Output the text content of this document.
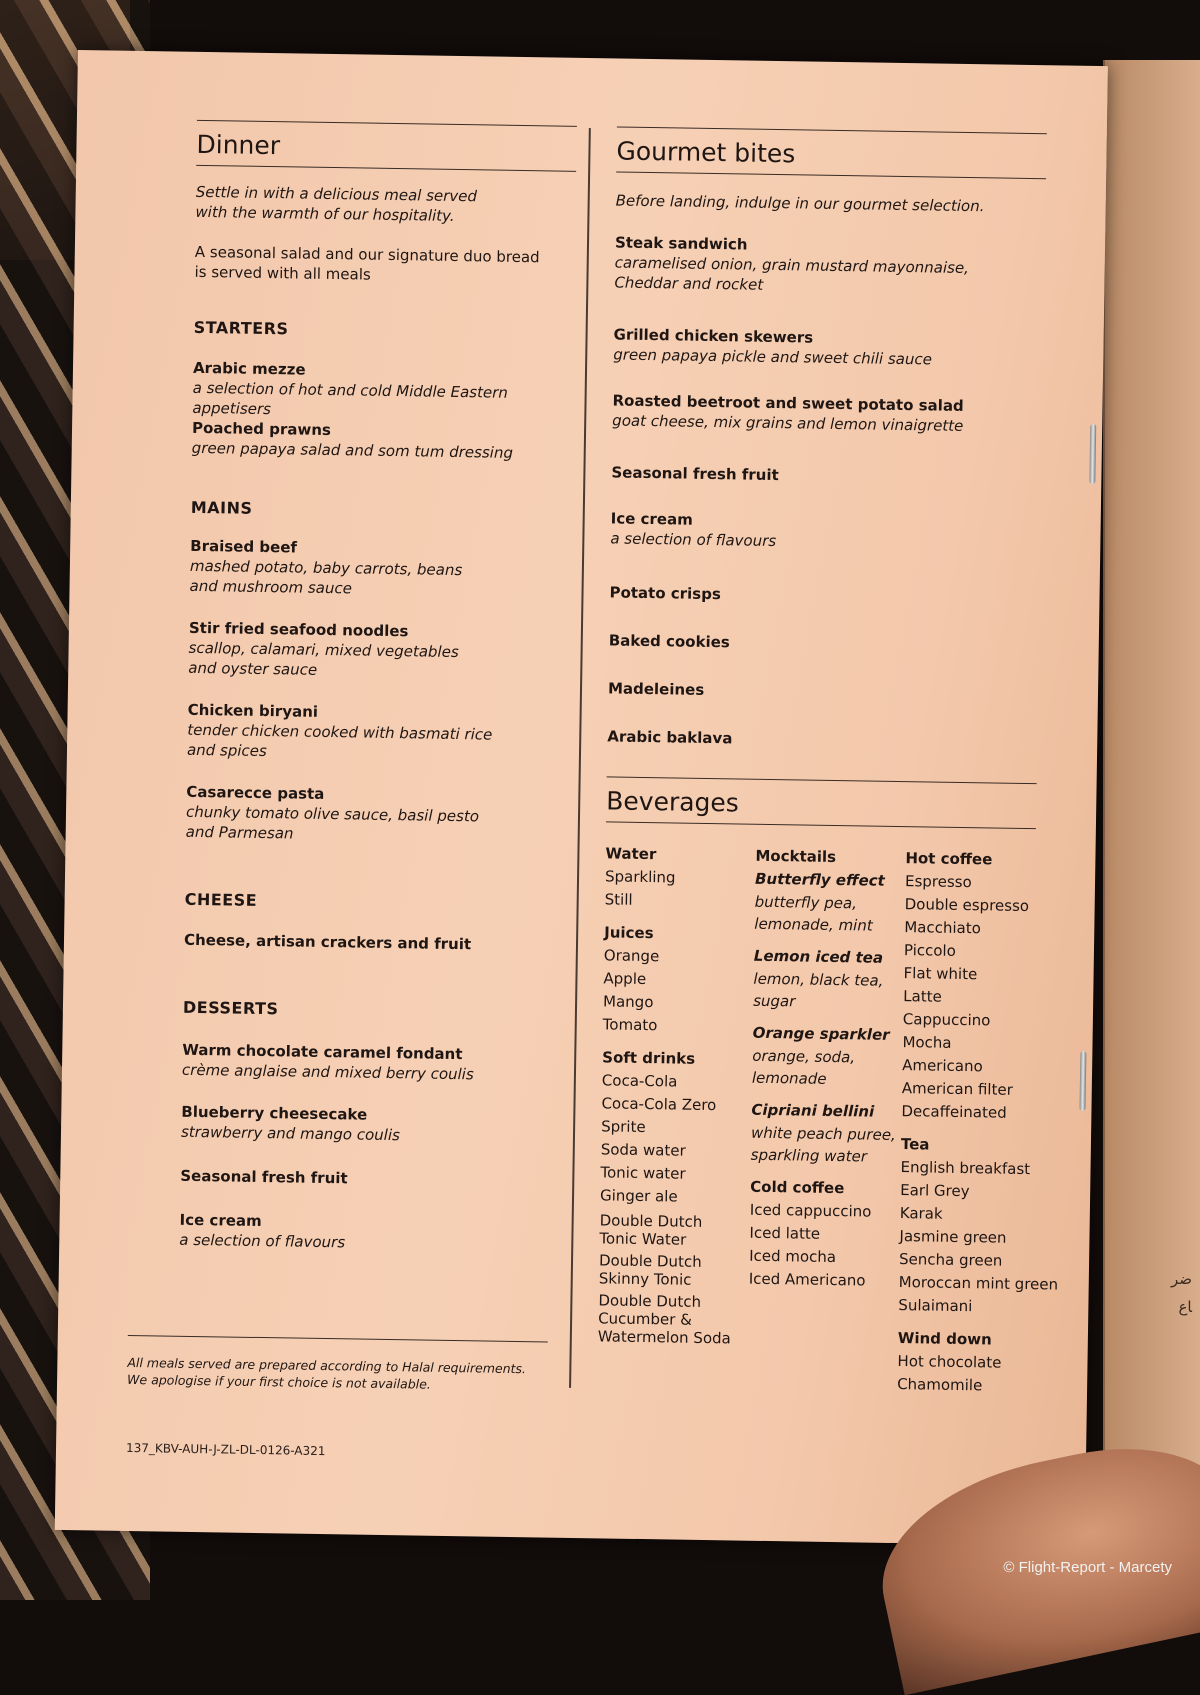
ﺿﺮ
ﺎﻉ
Dinner
Settle in with a delicious meal served
with the warmth of our hospitality.
A seasonal salad and our signature duo bread
is served with all meals
STARTERS
Arabic mezze
a selection of hot and cold Middle Eastern appetisers
Poached prawns
green papaya salad and som tum dressing
MAINS
Braised beef
mashed potato, baby carrots, beans
and mushroom sauce
Stir fried seafood noodles
scallop, calamari, mixed vegetables
and oyster sauce
Chicken biryani
tender chicken cooked with basmati rice
and spices
Casarecce pasta
chunky tomato olive sauce, basil pesto
and Parmesan
CHEESE
Cheese, artisan crackers and fruit
DESSERTS
Warm chocolate caramel fondant
crème anglaise and mixed berry coulis
Blueberry cheesecake
strawberry and mango coulis
Seasonal fresh fruit
Ice cream
a selection of flavours
All meals served are prepared according to Halal requirements.
We apologise if your first choice is not available.
Gourmet bites
Before landing, indulge in our gourmet selection.
Steak sandwich
caramelised onion, grain mustard mayonnaise,
Cheddar and rocket
Grilled chicken skewers
green papaya pickle and sweet chili sauce
Roasted beetroot and sweet potato salad
goat cheese, mix grains and lemon vinaigrette
Seasonal fresh fruit
Ice cream
a selection of flavours
Potato crisps
Baked cookies
Madeleines
Arabic baklava
Beverages
Water
Sparkling
Still
Juices
Orange
Apple
Mango
Tomato
Soft drinks
Coca-Cola
Coca-Cola Zero
Sprite
Soda water
Tonic water
Ginger ale
Double Dutch
Tonic Water
Double Dutch
Skinny Tonic
Double Dutch
Cucumber &
Watermelon Soda
Mocktails
Butterfly effect
butterfly pea,
lemonade, mint
Lemon iced tea
lemon, black tea,
sugar
Orange sparkler
orange, soda,
lemonade
Cipriani bellini
white peach puree,
sparkling water
Cold coffee
Iced cappuccino
Iced latte
Iced mocha
Iced Americano
Hot coffee
Espresso
Double espresso
Macchiato
Piccolo
Flat white
Latte
Cappuccino
Mocha
Americano
American filter
Decaffeinated
Tea
English breakfast
Earl Grey
Karak
Jasmine green
Sencha green
Moroccan mint green
Sulaimani
Wind down
Hot chocolate
Chamomile
137_KBV-AUH-J-ZL-DL-0126-A321
© Flight-Report - Marcety
